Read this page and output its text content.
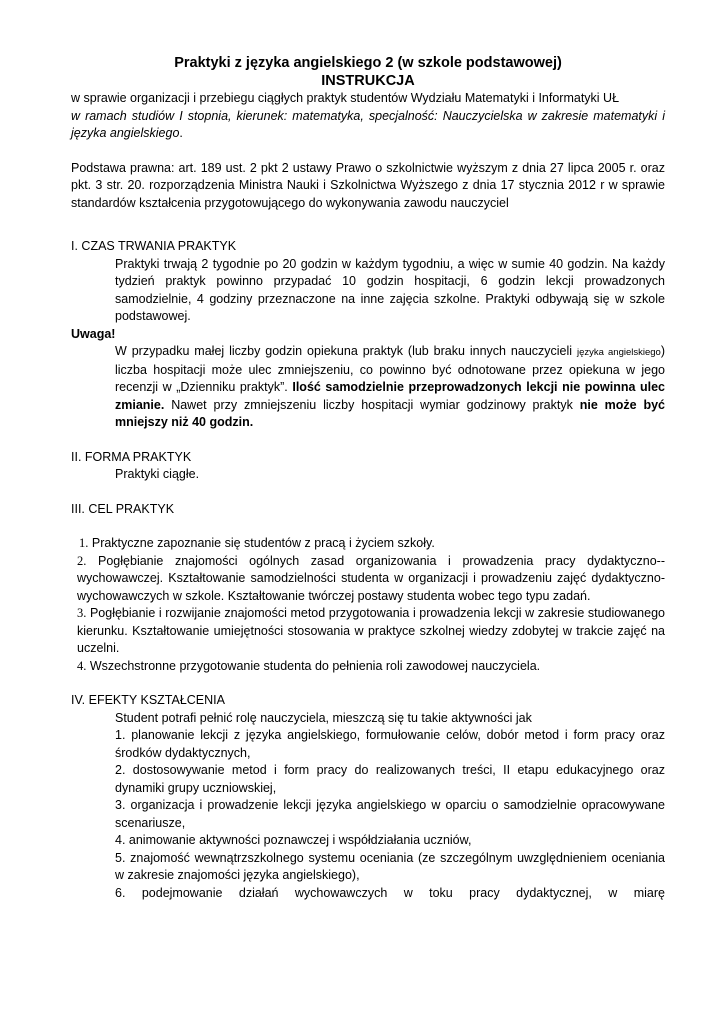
Praktyki z języka angielskiego 2 (w szkole podstawowej)

INSTRUKCJA

w sprawie organizacji i przebiegu ciągłych praktyk studentów Wydziału Matematyki i Informatyki UŁ

w ramach studiów I stopnia, kierunek: matematyka, specjalność: Nauczycielska w zakresie matematyki i języka angielskiego.

Podstawa prawna: art. 189 ust. 2 pkt 2 ustawy Prawo o szkolnictwie wyższym z dnia 27 lipca 2005 r. oraz pkt. 3 str. 20. rozporządzenia Ministra Nauki i Szkolnictwa Wyższego z dnia 17 stycznia 2012 r w sprawie standardów kształcenia przygotowującego do wykonywania zawodu nauczyciel

I. CZAS TRWANIA PRAKTYK

Praktyki trwają 2 tygodnie po 20 godzin w każdym tygodniu, a więc w sumie 40 godzin. Na każdy tydzień praktyk powinno przypadać 10 godzin hospitacji, 6 godzin lekcji prowadzonych samodzielnie, 4 godziny przeznaczone na inne zajęcia szkolne. Praktyki odbywają się w szkole podstawowej.

Uwaga!

W przypadku małej liczby godzin opiekuna praktyk (lub braku innych nauczycieli języka angielskiego) liczba hospitacji może ulec zmniejszeniu, co powinno być odnotowane przez opiekuna w jego recenzji w „Dzienniku praktyk”. Ilość samodzielnie przeprowadzonych lekcji nie powinna ulec zmianie. Nawet przy zmniejszeniu liczby hospitacji wymiar godzinowy praktyk nie może być mniejszy niż 40 godzin.

II. FORMA PRAKTYK

Praktyki ciągłe.

III. CEL PRAKTYK

1. Praktyczne zapoznanie się studentów z pracą i życiem szkoły.

2. Pogłębianie znajomości ogólnych zasad organizowania i prowadzenia pracy dydaktyczno--wychowawczej. Kształtowanie samodzielności studenta w organizacji i prowadzeniu zajęć dydaktyczno-wychowawczych w szkole. Kształtowanie twórczej postawy studenta wobec tego typu zadań.

3. Pogłębianie i rozwijanie znajomości metod przygotowania i prowadzenia lekcji w zakresie studiowanego kierunku. Kształtowanie umiejętności stosowania w praktyce szkolnej wiedzy zdobytej w trakcie zajęć na uczelni.

4. Wszechstronne przygotowanie studenta do pełnienia roli zawodowej nauczyciela.

IV. EFEKTY KSZTAŁCENIA

Student potrafi pełnić rolę nauczyciela, mieszczą się tu takie aktywności jak

1. planowanie lekcji z języka angielskiego, formułowanie celów, dobór metod i form pracy oraz środków dydaktycznych,

2. dostosowywanie metod i form pracy do realizowanych treści, II etapu edukacyjnego oraz dynamiki grupy uczniowskiej,

3. organizacja i prowadzenie lekcji języka angielskiego w oparciu o samodzielnie opracowywane scenariusze,

4. animowanie aktywności poznawczej i współdziałania uczniów,

5. znajomość wewnątrzszkolnego systemu oceniania (ze szczególnym uwzględnieniem oceniania w zakresie znajomości języka angielskiego),

6. podejmowanie działań wychowawczych w toku pracy dydaktycznej, w miarę
